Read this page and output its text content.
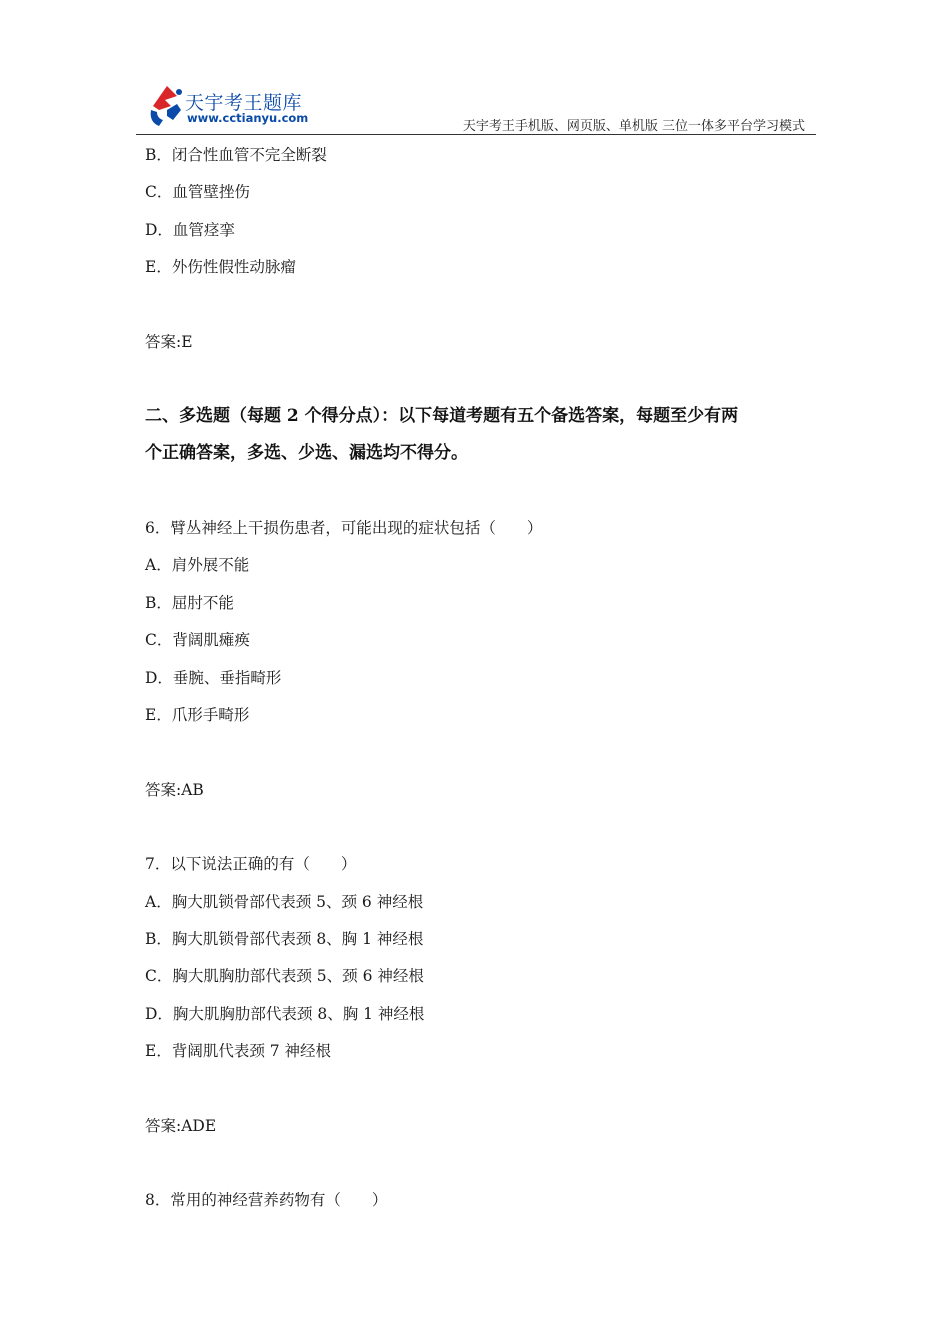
天宇考王题库
www.cctianyu.com
天宇考王手机版、网页版、单机版 三位一体多平台学习模式
B．闭合性血管不完全断裂
C．血管壁挫伤
D．血管痉挛
E．外伤性假性动脉瘤
答案:E
二、多选题（每题 2 个得分点）：以下每道考题有五个备选答案，每题至少有两
个正确答案，多选、少选、漏选均不得分。
6．臂丛神经上干损伤患者，可能出现的症状包括（　　）
A．肩外展不能
B．屈肘不能
C．背阔肌瘫痪
D．垂腕、垂指畸形
E．爪形手畸形
答案:AB
7．以下说法正确的有（　　）
A．胸大肌锁骨部代表颈 5、颈 6 神经根
B．胸大肌锁骨部代表颈 8、胸 1 神经根
C．胸大肌胸肋部代表颈 5、颈 6 神经根
D．胸大肌胸肋部代表颈 8、胸 1 神经根
E．背阔肌代表颈 7 神经根
答案:ADE
8．常用的神经营养药物有（　　）
